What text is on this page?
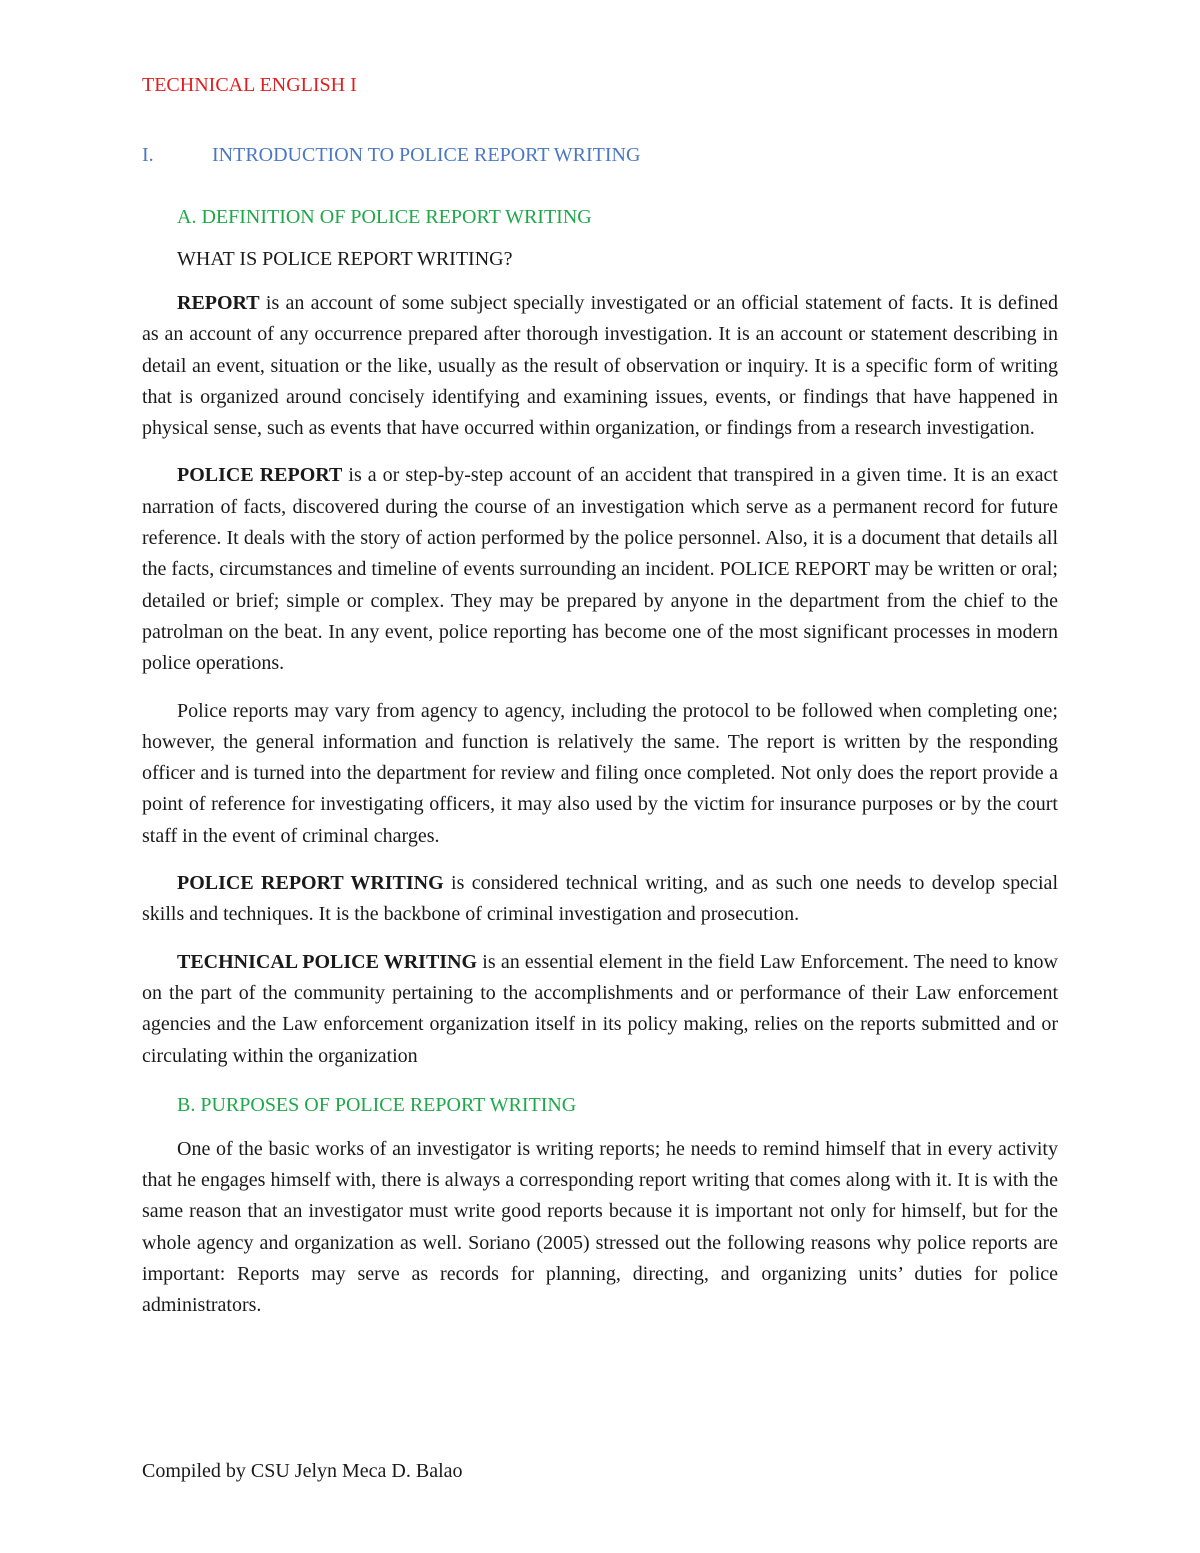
TECHNICAL ENGLISH I

I.	INTRODUCTION TO POLICE REPORT WRITING

A. DEFINITION OF POLICE REPORT WRITING

WHAT IS POLICE REPORT WRITING?

REPORT is an account of some subject specially investigated or an official statement of facts. It is defined as an account of any occurrence prepared after thorough investigation. It is an account or statement describing in detail an event, situation or the like, usually as the result of observation or inquiry. It is a specific form of writing that is organized around concisely identifying and examining issues, events, or findings that have happened in physical sense, such as events that have occurred within organization, or findings from a research investigation.

POLICE REPORT is a or step-by-step account of an accident that transpired in a given time. It is an exact narration of facts, discovered during the course of an investigation which serve as a permanent record for future reference. It deals with the story of action performed by the police personnel. Also, it is a document that details all the facts, circumstances and timeline of events surrounding an incident. POLICE REPORT may be written or oral; detailed or brief; simple or complex. They may be prepared by anyone in the department from the chief to the patrolman on the beat. In any event, police reporting has become one of the most significant processes in modern police operations.

Police reports may vary from agency to agency, including the protocol to be followed when completing one; however, the general information and function is relatively the same. The report is written by the responding officer and is turned into the department for review and filing once completed. Not only does the report provide a point of reference for investigating officers, it may also used by the victim for insurance purposes or by the court staff in the event of criminal charges.

POLICE REPORT WRITING is considered technical writing, and as such one needs to develop special skills and techniques. It is the backbone of criminal investigation and prosecution.

TECHNICAL POLICE WRITING is an essential element in the field Law Enforcement. The need to know on the part of the community pertaining to the accomplishments and or performance of their Law enforcement agencies and the Law enforcement organization itself in its policy making, relies on the reports submitted and or circulating within the organization

B. PURPOSES OF POLICE REPORT WRITING

One of the basic works of an investigator is writing reports; he needs to remind himself that in every activity that he engages himself with, there is always a corresponding report writing that comes along with it. It is with the same reason that an investigator must write good reports because it is important not only for himself, but for the whole agency and organization as well. Soriano (2005) stressed out the following reasons why police reports are important: Reports may serve as records for planning, directing, and organizing units’ duties for police administrators.

Compiled by CSU Jelyn Meca D. Balao
